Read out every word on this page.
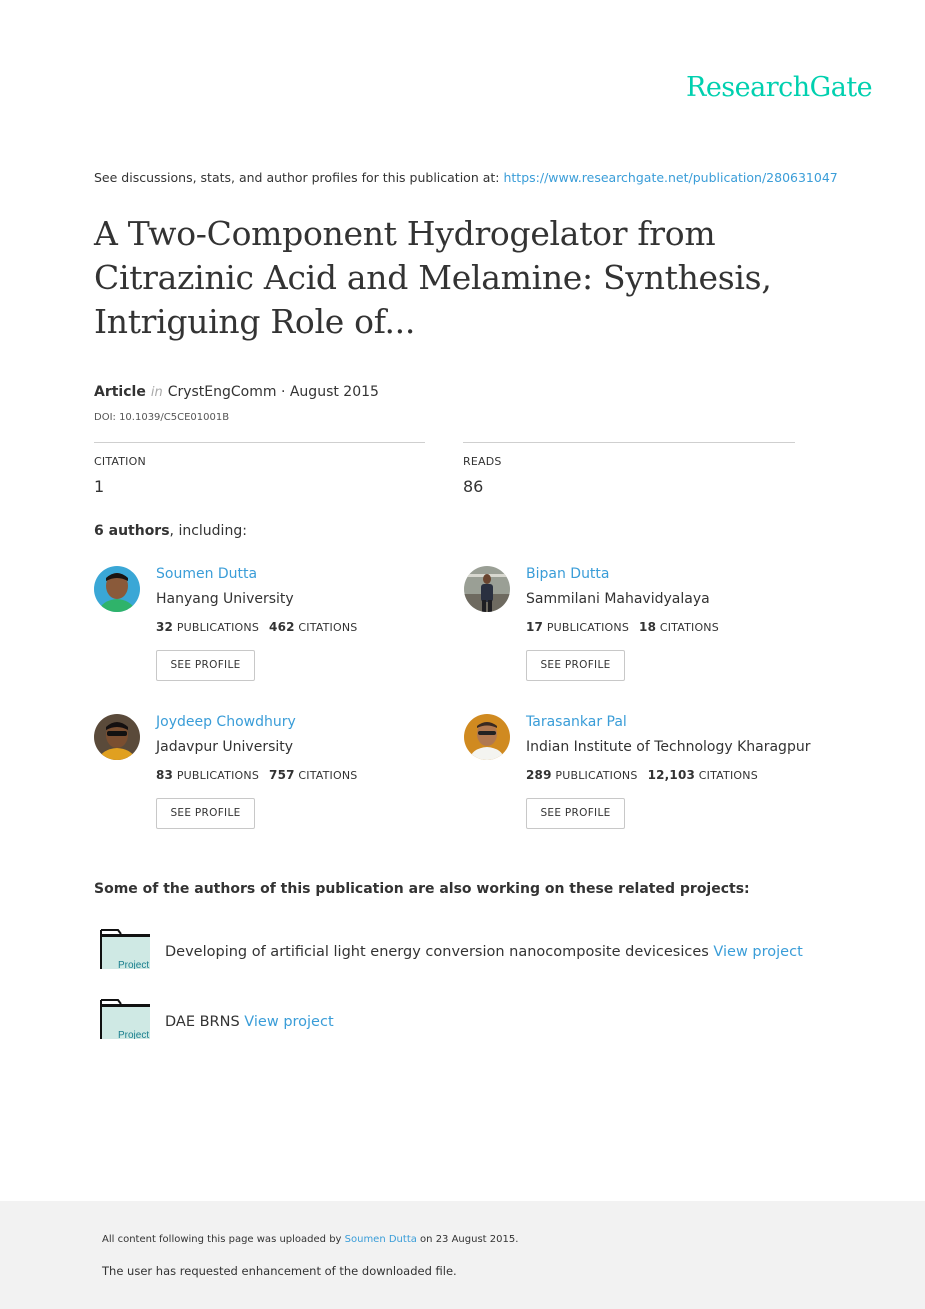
ResearchGate
See discussions, stats, and author profiles for this publication at: https://www.researchgate.net/publication/280631047
A Two-Component Hydrogelator from Citrazinic Acid and Melamine: Synthesis, Intriguing Role of...
Article in CrystEngComm · August 2015
DOI: 10.1039/C5CE01001B
CITATION
1
READS
86
6 authors, including:
Soumen Dutta
Hanyang University
32 PUBLICATIONS 462 CITATIONS
SEE PROFILE
Bipan Dutta
Sammilani Mahavidyalaya
17 PUBLICATIONS 18 CITATIONS
SEE PROFILE
Joydeep Chowdhury
Jadavpur University
83 PUBLICATIONS 757 CITATIONS
SEE PROFILE
Tarasankar Pal
Indian Institute of Technology Kharagpur
289 PUBLICATIONS 12,103 CITATIONS
SEE PROFILE
Some of the authors of this publication are also working on these related projects:
Project
Developing of artificial light energy conversion nanocomposite devicesices View project
Project
DAE BRNS View project
All content following this page was uploaded by Soumen Dutta on 23 August 2015.
The user has requested enhancement of the downloaded file.
